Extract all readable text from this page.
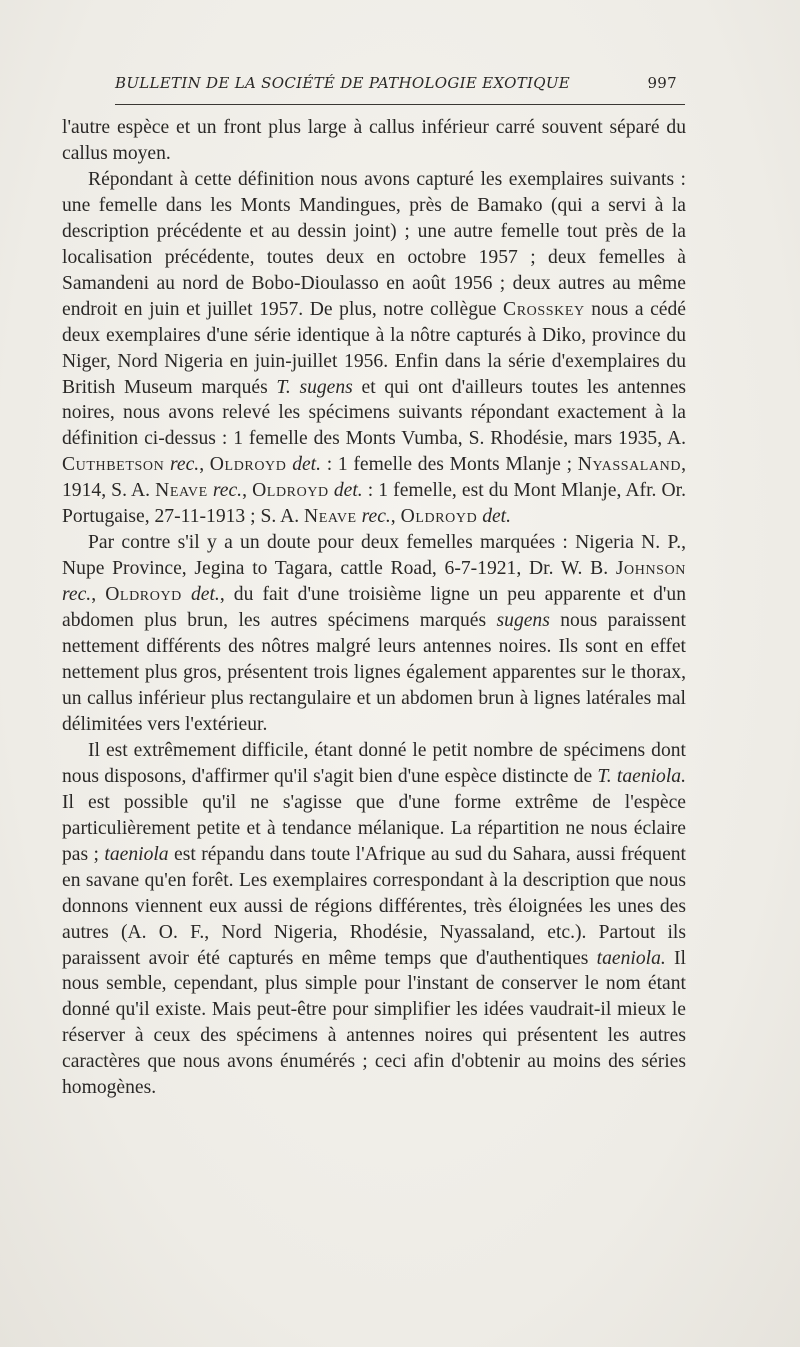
BULLETIN DE LA SOCIÉTÉ DE PATHOLOGIE EXOTIQUE	997

l'autre espèce et un front plus large à callus inférieur carré souvent séparé du callus moyen.

Répondant à cette définition nous avons capturé les exemplaires suivants : une femelle dans les Monts Mandingues, près de Bamako (qui a servi à la description précédente et au dessin joint) ; une autre femelle tout près de la localisation précédente, toutes deux en octobre 1957 ; deux femelles à Samandeni au nord de Bobo-Dioulasso en août 1956 ; deux autres au même endroit en juin et juillet 1957. De plus, notre collègue Crosskey nous a cédé deux exemplaires d'une série identique à la nôtre capturés à Diko, province du Niger, Nord Nigeria en juin-juillet 1956. Enfin dans la série d'exemplaires du British Museum marqués T. sugens et qui ont d'ailleurs toutes les antennes noires, nous avons relevé les spécimens suivants répondant exactement à la définition ci-dessus : 1 femelle des Monts Vumba, S. Rhodésie, mars 1935, A. Cuthbetson rec., Oldroyd det. : 1 femelle des Monts Mlanje ; Nyassaland, 1914, S. A. Neave rec., Oldroyd det. : 1 femelle, est du Mont Mlanje, Afr. Or. Portugaise, 27-11-1913 ; S. A. Neave rec., Oldroyd det.

Par contre s'il y a un doute pour deux femelles marquées : Nigeria N. P., Nupe Province, Jegina to Tagara, cattle Road, 6-7-1921, Dr. W. B. Johnson rec., Oldroyd det., du fait d'une troisième ligne un peu apparente et d'un abdomen plus brun, les autres spécimens marqués sugens nous paraissent nettement différents des nôtres malgré leurs antennes noires. Ils sont en effet nettement plus gros, présentent trois lignes également apparentes sur le thorax, un callus inférieur plus rectangulaire et un abdomen brun à lignes latérales mal délimitées vers l'extérieur.

Il est extrêmement difficile, étant donné le petit nombre de spécimens dont nous disposons, d'affirmer qu'il s'agit bien d'une espèce distincte de T. taeniola. Il est possible qu'il ne s'agisse que d'une forme extrême de l'espèce particulièrement petite et à tendance mélanique. La répartition ne nous éclaire pas ; taeniola est répandu dans toute l'Afrique au sud du Sahara, aussi fréquent en savane qu'en forêt. Les exemplaires correspondant à la description que nous donnons viennent eux aussi de régions différentes, très éloignées les unes des autres (A. O. F., Nord Nigeria, Rhodésie, Nyassaland, etc.). Partout ils paraissent avoir été capturés en même temps que d'authentiques taeniola. Il nous semble, cependant, plus simple pour l'instant de conserver le nom étant donné qu'il existe. Mais peut-être pour simplifier les idées vaudrait-il mieux le réserver à ceux des spécimens à antennes noires qui présentent les autres caractères que nous avons énumérés ; ceci afin d'obtenir au moins des séries homogènes.
